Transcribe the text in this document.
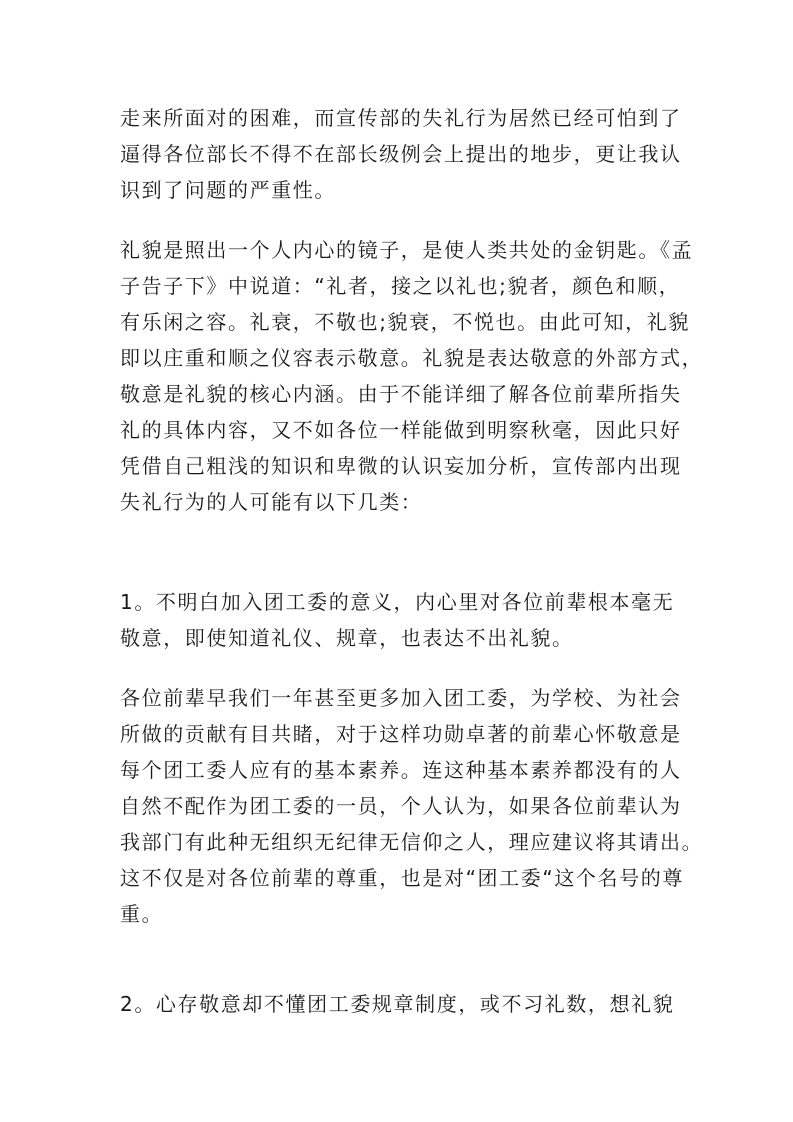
走来所面对的困难，而宣传部的失礼行为居然已经可怕到了
逼得各位部长不得不在部长级例会上提出的地步，更让我认
识到了问题的严重性。
礼貌是照出一个人内心的镜子，是使人类共处的金钥匙。《孟
子告子下》中说道：“礼者，接之以礼也;貌者，颜色和顺，
有乐闲之容。礼衰，不敬也;貌衰，不悦也。由此可知，礼貌
即以庄重和顺之仪容表示敬意。礼貌是表达敬意的外部方式，
敬意是礼貌的核心内涵。由于不能详细了解各位前辈所指失
礼的具体内容，又不如各位一样能做到明察秋毫，因此只好
凭借自己粗浅的知识和卑微的认识妄加分析，宣传部内出现
失礼行为的人可能有以下几类：
1。不明白加入团工委的意义，内心里对各位前辈根本毫无
敬意，即使知道礼仪、规章，也表达不出礼貌。
各位前辈早我们一年甚至更多加入团工委，为学校、为社会
所做的贡献有目共睹，对于这样功勋卓著的前辈心怀敬意是
每个团工委人应有的基本素养。连这种基本素养都没有的人
自然不配作为团工委的一员，个人认为，如果各位前辈认为
我部门有此种无组织无纪律无信仰之人，理应建议将其请出。
这不仅是对各位前辈的尊重，也是对“团工委“这个名号的尊
重。
2。心存敬意却不懂团工委规章制度，或不习礼数，想礼貌
